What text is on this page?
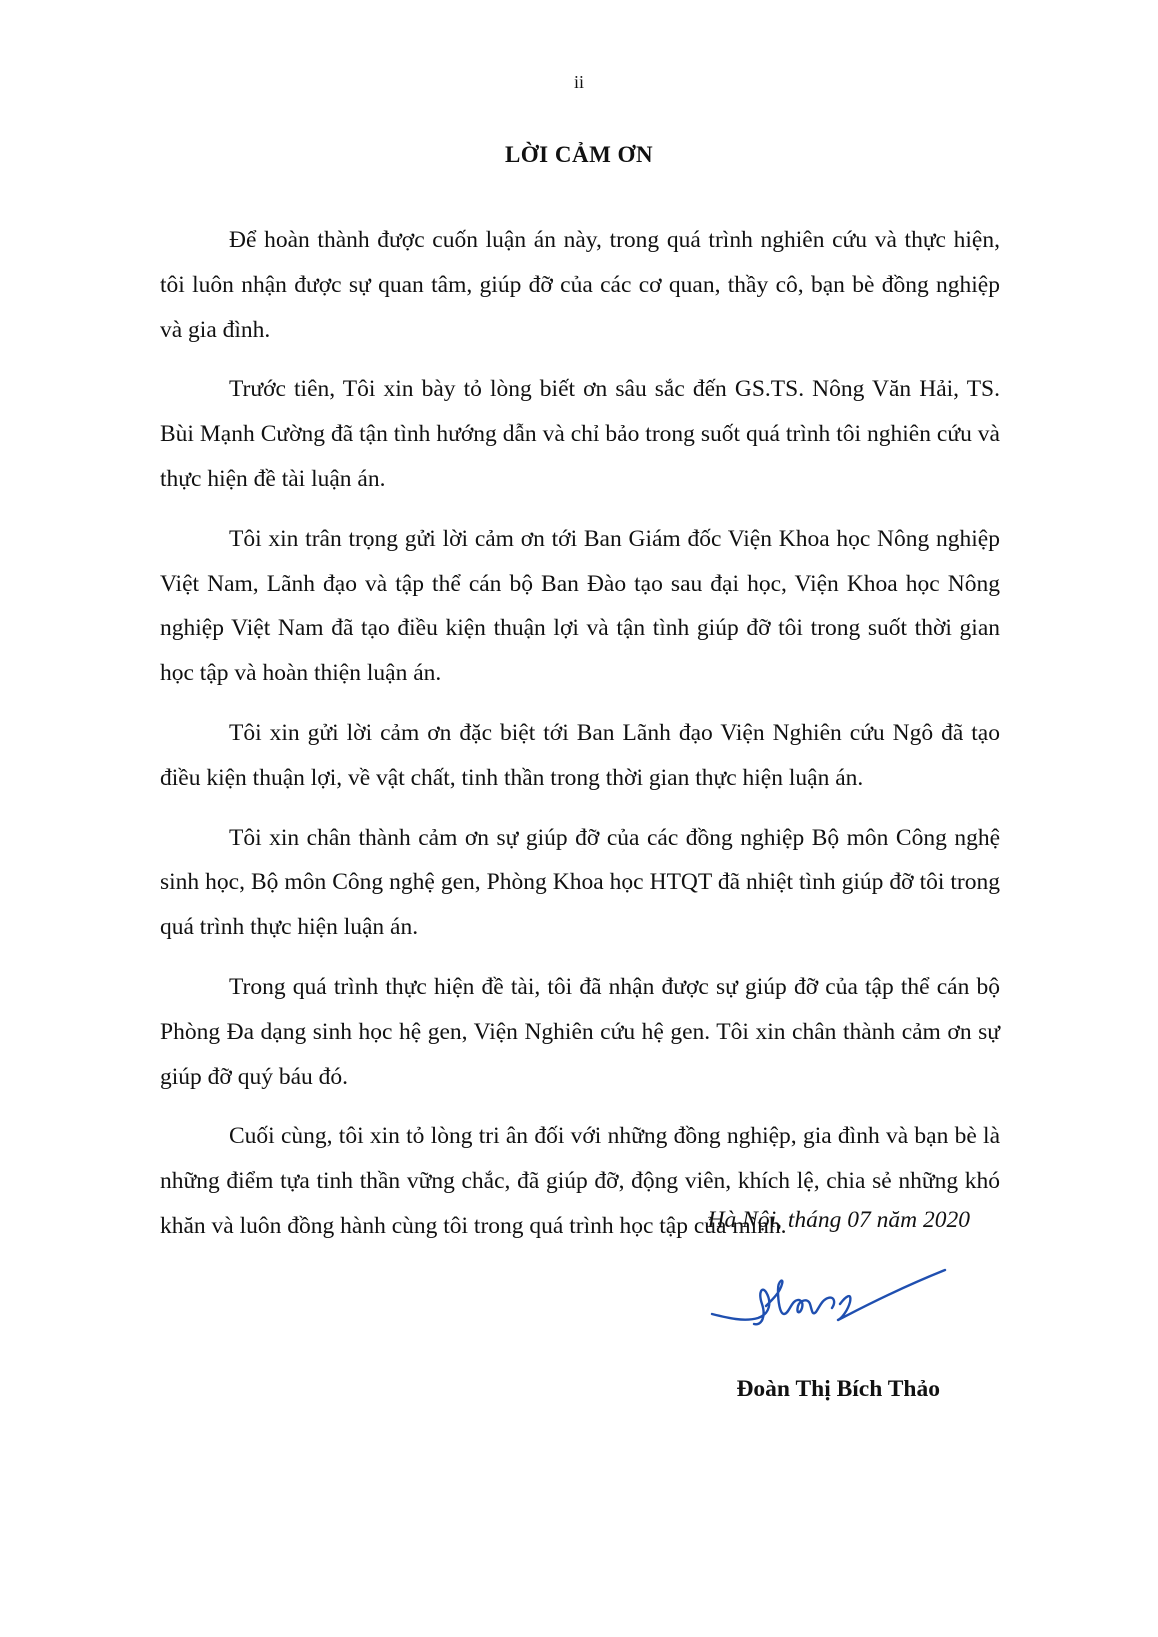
ii
LỜI CẢM ƠN

Để hoàn thành được cuốn luận án này, trong quá trình nghiên cứu và thực hiện, tôi luôn nhận được sự quan tâm, giúp đỡ của các cơ quan, thầy cô, bạn bè đồng nghiệp và gia đình.

Trước tiên, Tôi xin bày tỏ lòng biết ơn sâu sắc đến GS.TS. Nông Văn Hải, TS. Bùi Mạnh Cường đã tận tình hướng dẫn và chỉ bảo trong suốt quá trình tôi nghiên cứu và thực hiện đề tài luận án.

Tôi xin trân trọng gửi lời cảm ơn tới Ban Giám đốc Viện Khoa học Nông nghiệp Việt Nam, Lãnh đạo và tập thể cán bộ Ban Đào tạo sau đại học, Viện Khoa học Nông nghiệp Việt Nam đã tạo điều kiện thuận lợi và tận tình giúp đỡ tôi trong suốt thời gian học tập và hoàn thiện luận án.

Tôi xin gửi lời cảm ơn đặc biệt tới Ban Lãnh đạo Viện Nghiên cứu Ngô đã tạo điều kiện thuận lợi, về vật chất, tinh thần trong thời gian thực hiện luận án.

Tôi xin chân thành cảm ơn sự giúp đỡ của các đồng nghiệp Bộ môn Công nghệ sinh học, Bộ môn Công nghệ gen, Phòng Khoa học HTQT đã nhiệt tình giúp đỡ tôi trong quá trình thực hiện luận án.

Trong quá trình thực hiện đề tài, tôi đã nhận được sự giúp đỡ của tập thể cán bộ Phòng Đa dạng sinh học hệ gen, Viện Nghiên cứu hệ gen. Tôi xin chân thành cảm ơn sự giúp đỡ quý báu đó.

Cuối cùng, tôi xin tỏ lòng tri ân đối với những đồng nghiệp, gia đình và bạn bè là những điểm tựa tinh thần vững chắc, đã giúp đỡ, động viên, khích lệ, chia sẻ những khó khăn và luôn đồng hành cùng tôi trong quá trình học tập của mình.

Hà Nội, tháng 07 năm 2020
Đoàn Thị Bích Thảo
